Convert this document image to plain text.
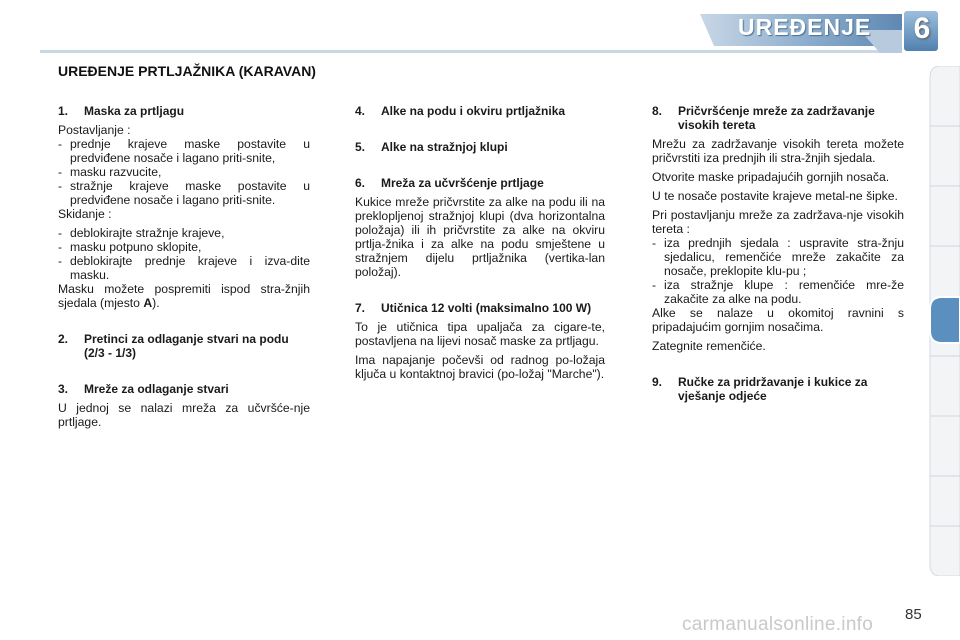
UREĐENJE 6
UREĐENJE PRTLJAŽNIKA (KARAVAN)
1.	Maska za prtljagu

Postavljanje :

- prednje krajeve maske postavite u predviđene nosače i lagano priti-snite,
- masku razvucite,
- stražnje krajeve maske postavite u predviđene nosače i lagano priti-snite.

Skidanje :

- deblokirajte stražnje krajeve,
- masku potpuno sklopite,
- deblokirajte prednje krajeve i izva-dite masku.

Masku možete pospremiti ispod stra-žnjih sjedala (mjesto A).

2.	Pretinci za odlaganje stvari na podu (2/3 - 1/3)
3.	Mreže za odlaganje stvari

U jednoj se nalazi mreža za učvršće-nje prtljage.

4.	Alke na podu i okviru prtljažnika
5.	Alke na stražnjoj klupi
6.	Mreža za učvršćenje prtljage

Kukice mreže pričvrstite za alke na podu ili na preklopljenoj stražnjoj klupi (dva horizontalna položaja) ili ih pričvrstite za alke na okviru prtlja-žnika i za alke na podu smještene u stražnjem dijelu prtljažnika (vertika-lan položaj).

7.	Utičnica 12 volti (maksimalno 100 W)

To je utičnica tipa upaljača za cigare-te, postavljena na lijevi nosač maske za prtljagu.

Ima napajanje počevši od radnog po-ložaja ključa u kontaktnoj bravici (po-ložaj "Marche").

8.	Pričvršćenje mreže za zadržavanje visokih tereta

Mrežu za zadržavanje visokih tereta možete pričvrstiti iza prednjih ili stra-žnjih sjedala.

Otvorite maske pripadajućih gornjih nosača.

U te nosače postavite krajeve metal-ne šipke.

Pri postavljanju mreže za zadržava-nje visokih tereta :

- iza prednjih sjedala : uspravite stra-žnju sjedalicu, remenčiće mreže zakačite za nosače, preklopite klu-pu ;
- iza stražnje klupe : remenčiće mre-že zakačite za alke na podu.

Alke se nalaze u okomitoj ravnini s pripadajućim gornjim nosačima.

Zategnite remenčiće.

9.	Ručke za pridržavanje i kukice za vješanje odjeće
carmanualsonline.info 85
